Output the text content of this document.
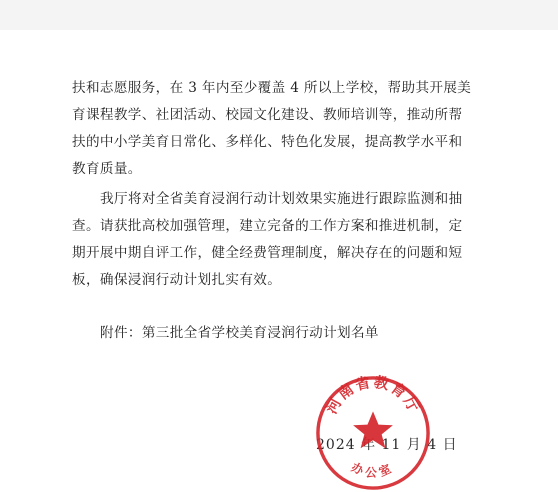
扶和志愿服务，在 3 年内至少覆盖 4 所以上学校，帮助其开展美
育课程教学、社团活动、校园文化建设、教师培训等，推动所帮
扶的中小学美育日常化、多样化、特色化发展，提高教学水平和
教育质量。
我厅将对全省美育浸润行动计划效果实施进行跟踪监测和抽
查。请获批高校加强管理，建立完备的工作方案和推进机制，定
期开展中期自评工作，健全经费管理制度，解决存在的问题和短
板，确保浸润行动计划扎实有效。
附件：第三批全省学校美育浸润行动计划名单
2024 年 11 月 4 日
河南省教育厅
办公室
